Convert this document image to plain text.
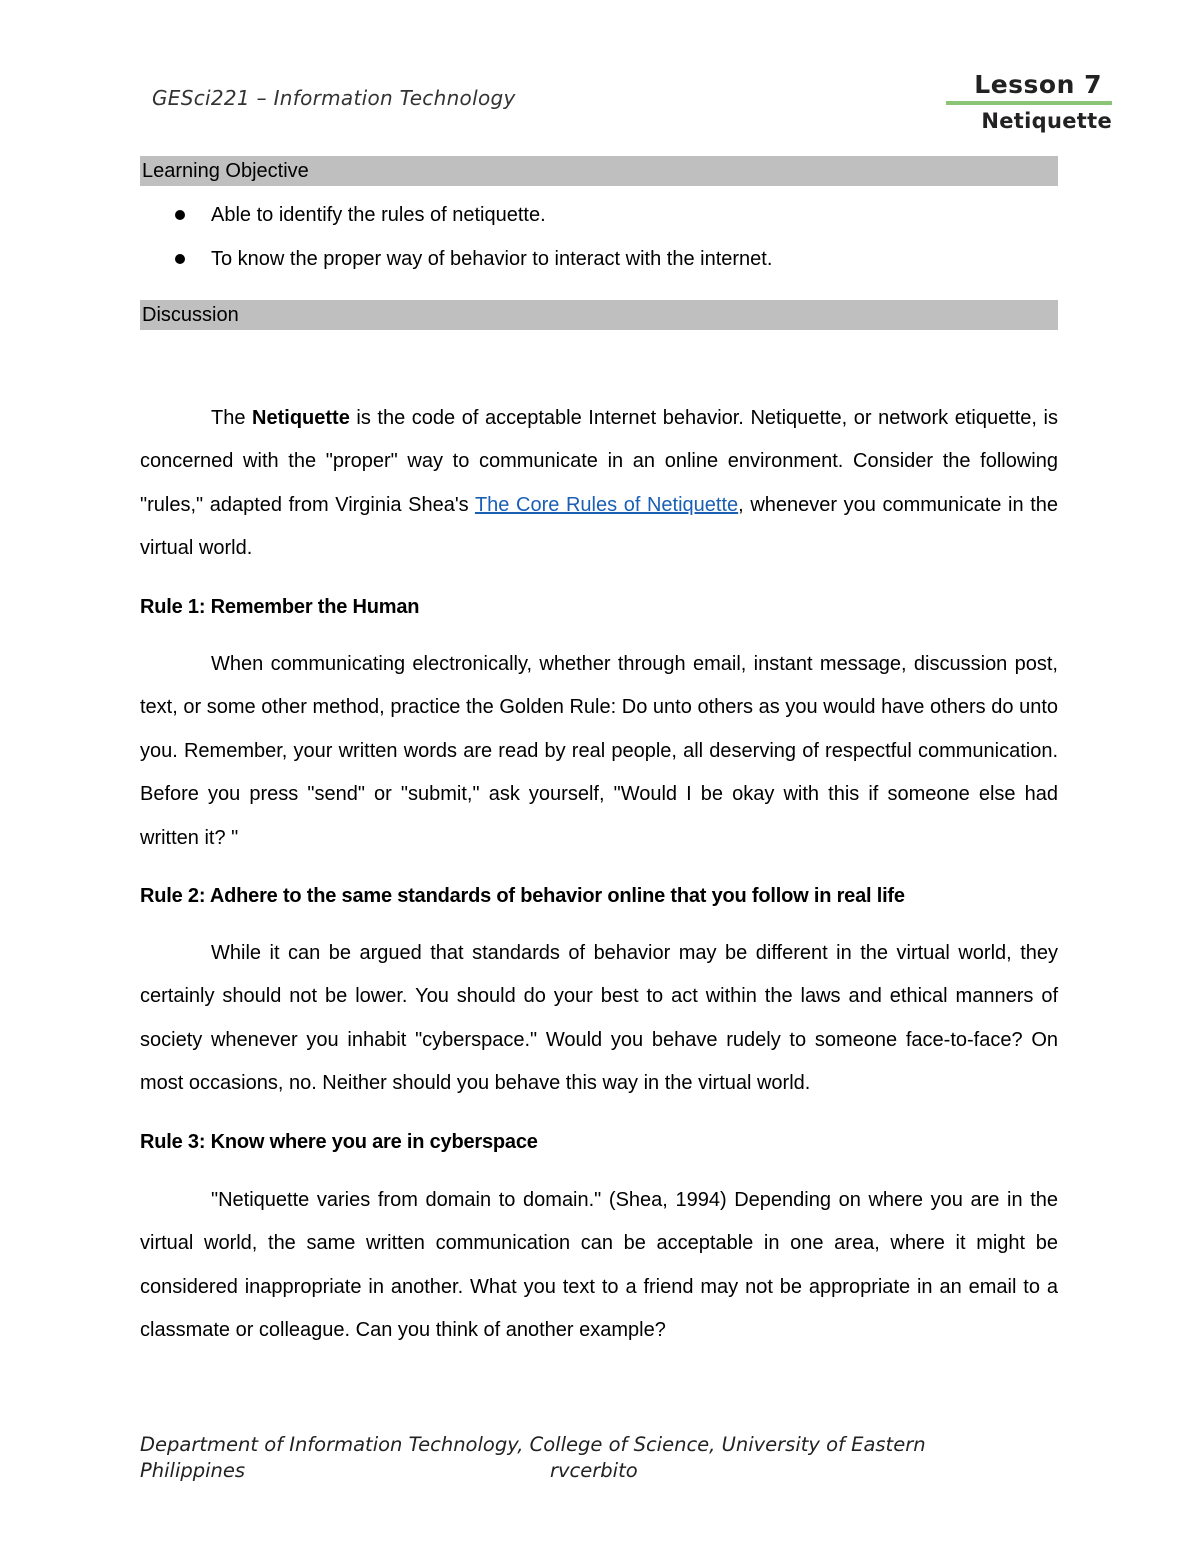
GESci221 – Information Technology	Lesson 7
Netiquette
Learning Objective
Able to identify the rules of netiquette.
To know the proper way of behavior to interact with the internet.
Discussion

The Netiquette is the code of acceptable Internet behavior. Netiquette, or network etiquette, is concerned with the "proper" way to communicate in an online environment. Consider the following "rules," adapted from Virginia Shea's The Core Rules of Netiquette, whenever you communicate in the virtual world.

Rule 1: Remember the Human

When communicating electronically, whether through email, instant message, discussion post, text, or some other method, practice the Golden Rule: Do unto others as you would have others do unto you. Remember, your written words are read by real people, all deserving of respectful communication. Before you press "send" or "submit," ask yourself, "Would I be okay with this if someone else had written it? "

Rule 2: Adhere to the same standards of behavior online that you follow in real life

While it can be argued that standards of behavior may be different in the virtual world, they certainly should not be lower. You should do your best to act within the laws and ethical manners of society whenever you inhabit "cyberspace." Would you behave rudely to someone face-to-face? On most occasions, no. Neither should you behave this way in the virtual world.

Rule 3: Know where you are in cyberspace

"Netiquette varies from domain to domain." (Shea, 1994) Depending on where you are in the virtual world, the same written communication can be acceptable in one area, where it might be considered inappropriate in another. What you text to a friend may not be appropriate in an email to a classmate or colleague. Can you think of another example?

Department of Information Technology, College of Science, University of Eastern
Philippines	rvcerbito
